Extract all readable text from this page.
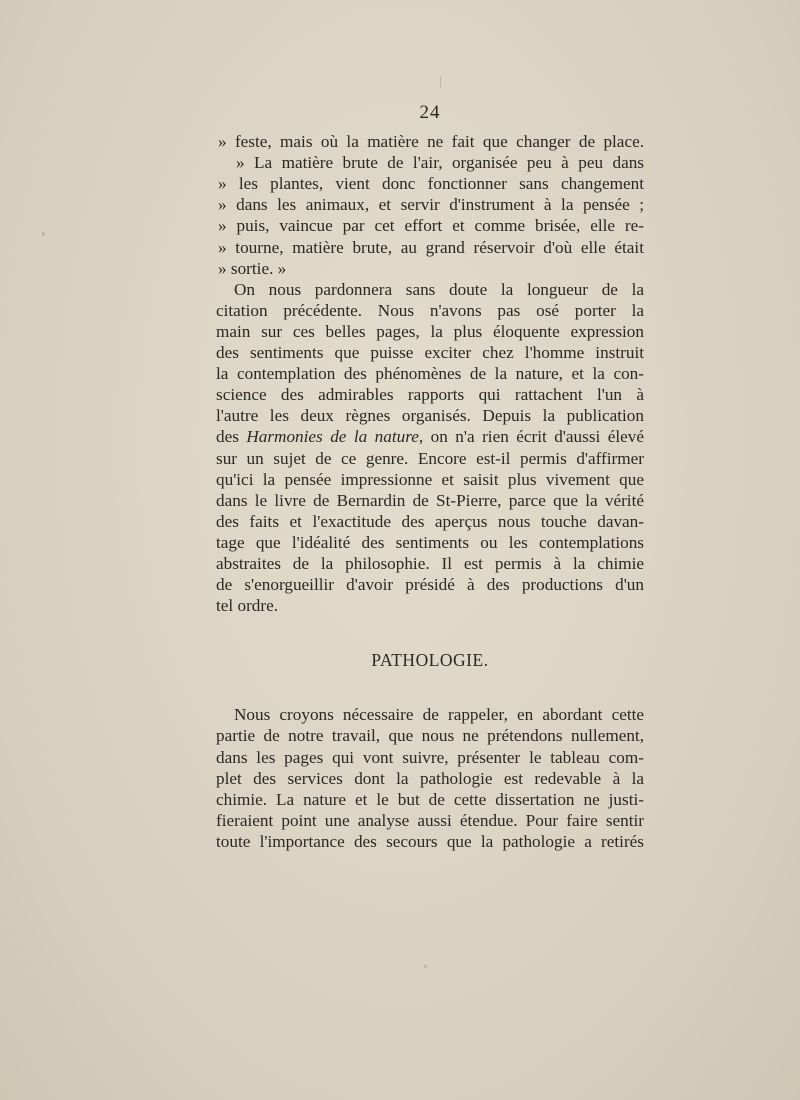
24
» feste, mais où la matière ne fait que changer de place.
» La matière brute de l'air, organisée peu à peu dans
» les plantes, vient donc fonctionner sans changement
» dans les animaux, et servir d'instrument à la pensée ;
» puis, vaincue par cet effort et comme brisée, elle re-
» tourne, matière brute, au grand réservoir d'où elle était
» sortie. »
On nous pardonnera sans doute la longueur de la
citation précédente. Nous n'avons pas osé porter la
main sur ces belles pages, la plus éloquente expression
des sentiments que puisse exciter chez l'homme instruit
la contemplation des phénomènes de la nature, et la con-
science des admirables rapports qui rattachent l'un à
l'autre les deux règnes organisés. Depuis la publication
des Harmonies de la nature, on n'a rien écrit d'aussi élevé
sur un sujet de ce genre. Encore est-il permis d'affirmer
qu'ici la pensée impressionne et saisit plus vivement que
dans le livre de Bernardin de St-Pierre, parce que la vérité
des faits et l'exactitude des aperçus nous touche davan-
tage que l'idéalité des sentiments ou les contemplations
abstraites de la philosophie. Il est permis à la chimie
de s'enorgueillir d'avoir présidé à des productions d'un
tel ordre.
PATHOLOGIE.
Nous croyons nécessaire de rappeler, en abordant cette
partie de notre travail, que nous ne prétendons nullement,
dans les pages qui vont suivre, présenter le tableau com-
plet des services dont la pathologie est redevable à la
chimie. La nature et le but de cette dissertation ne justi-
fieraient point une analyse aussi étendue. Pour faire sentir
toute l'importance des secours que la pathologie a retirés
